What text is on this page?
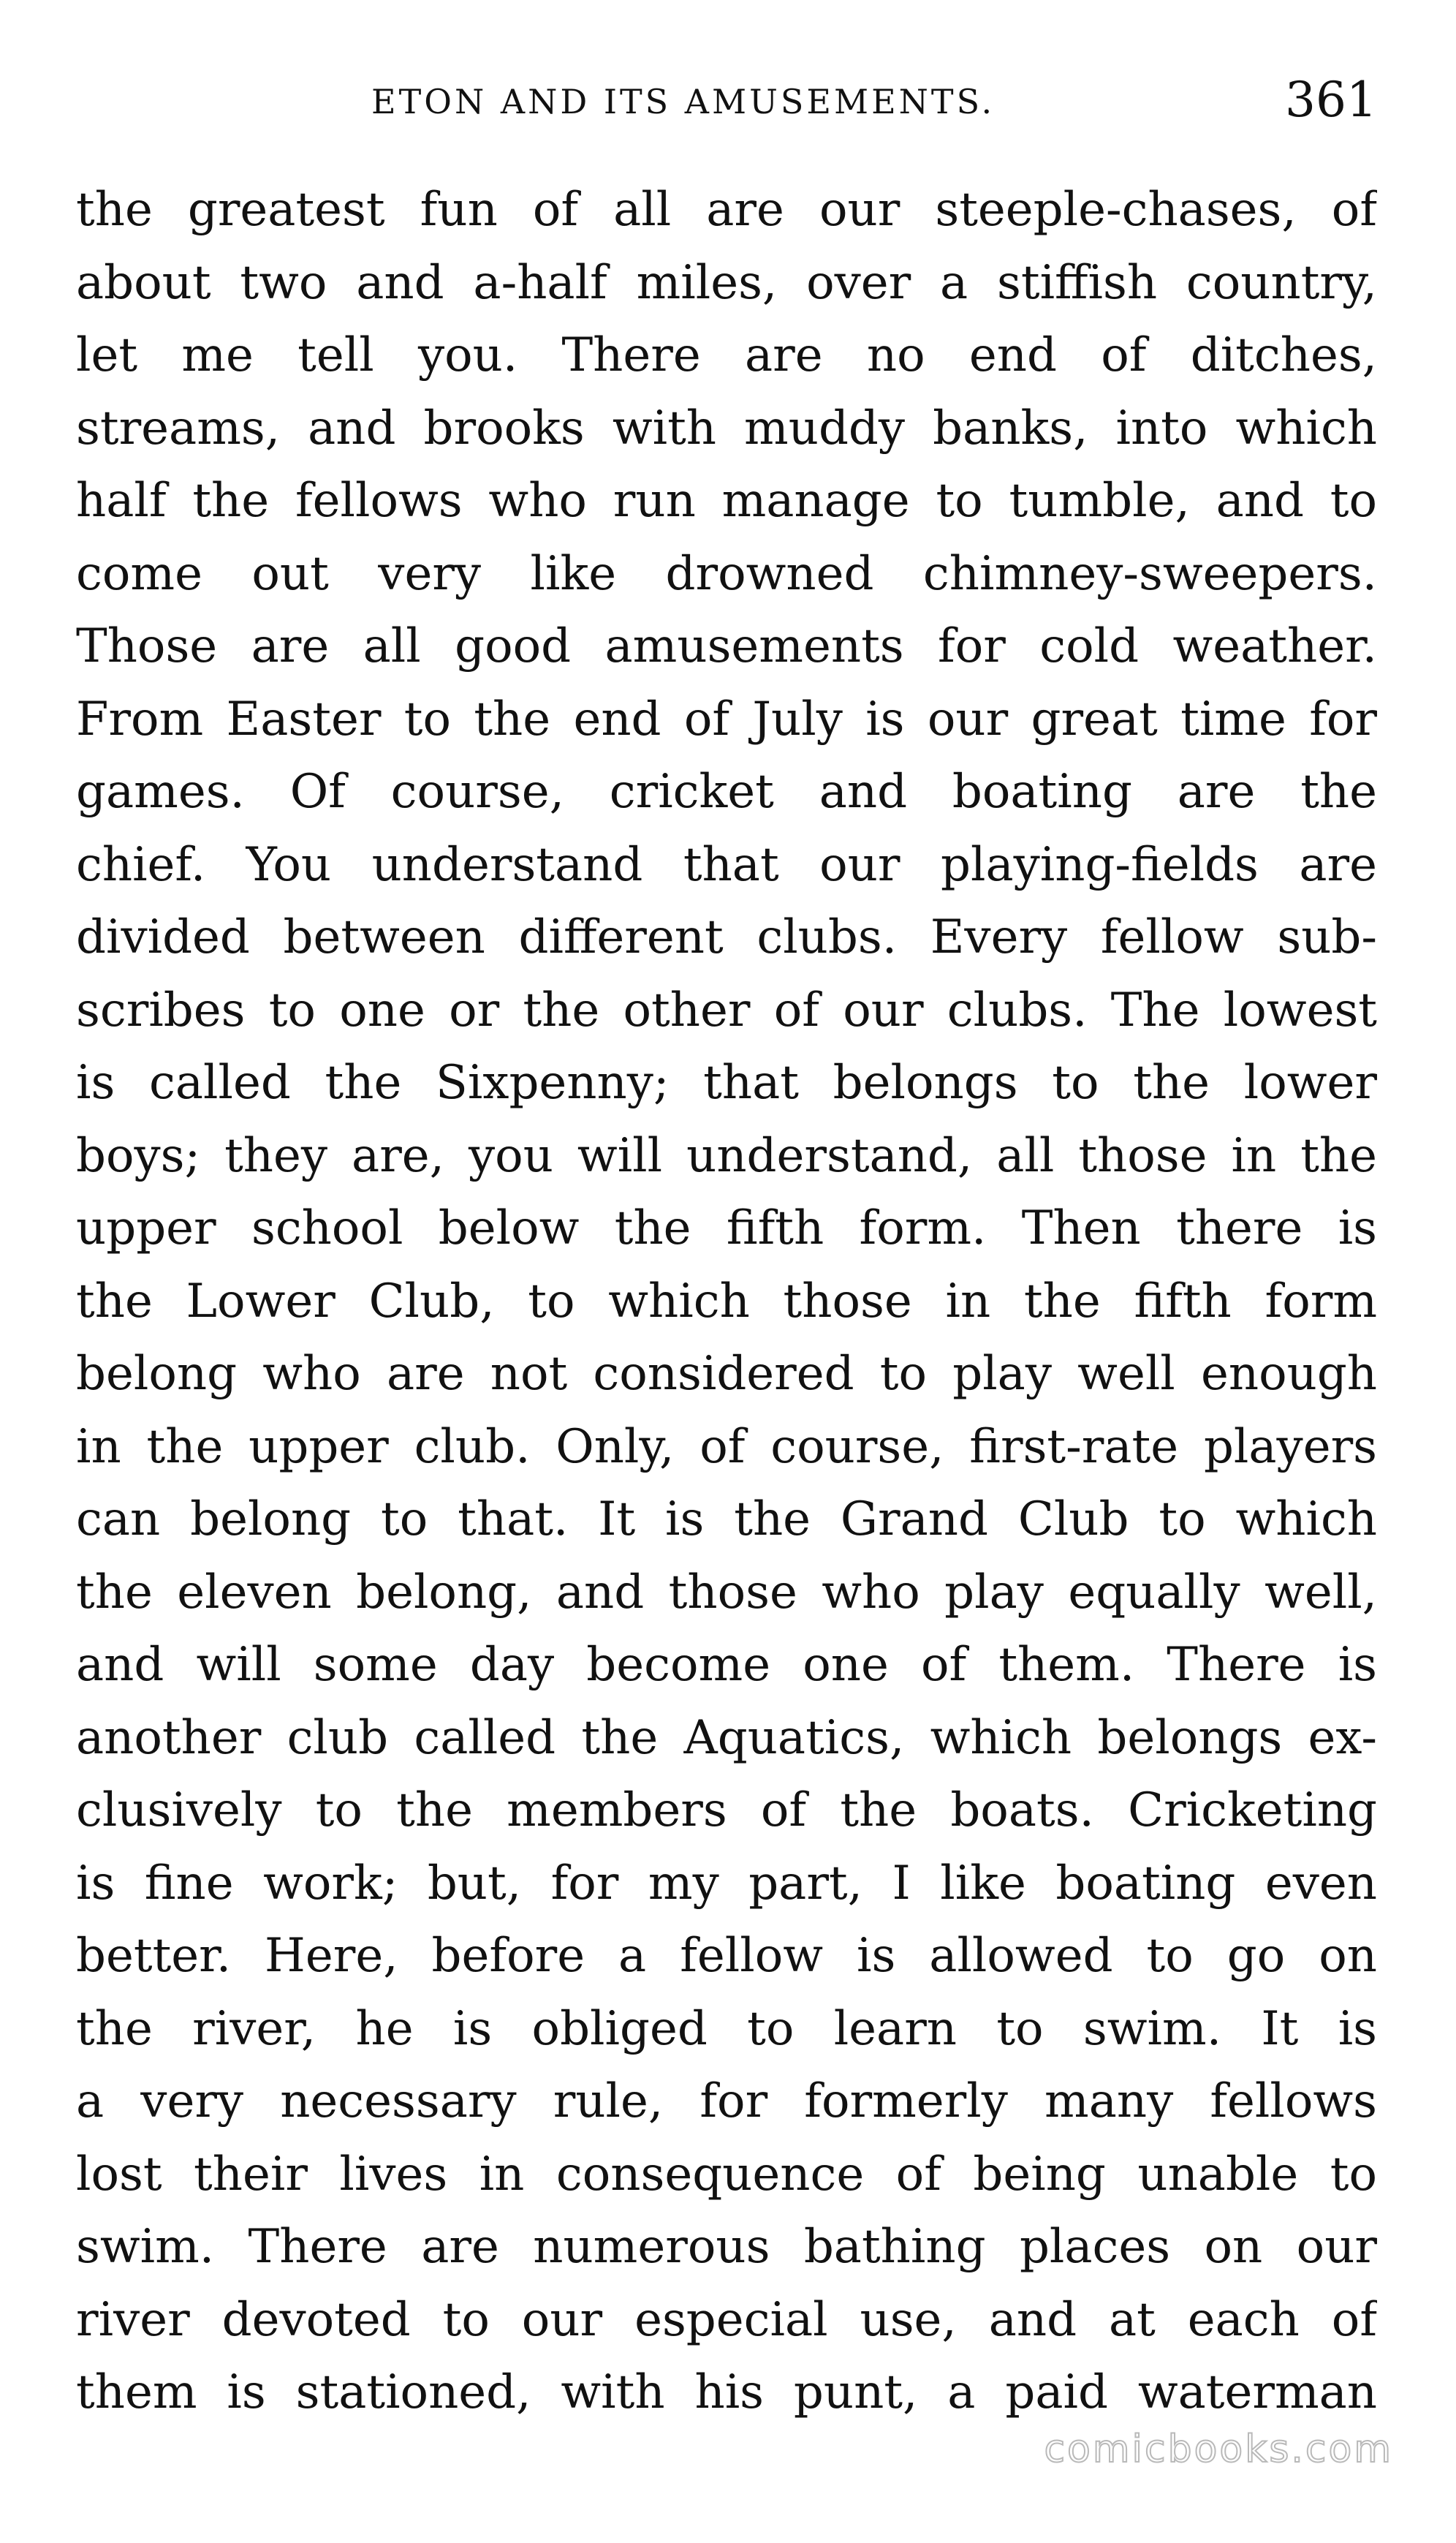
ETON AND ITS AMUSEMENTS.	361
the greatest fun of all are our steeple-chases, of
about two and a-half miles, over a stiffish country,
let me tell you. There are no end of ditches,
streams, and brooks with muddy banks, into which
half the fellows who run manage to tumble, and to
come out very like drowned chimney-sweepers.
Those are all good amusements for cold weather.
From Easter to the end of July is our great time for
games. Of course, cricket and boating are the
chief. You understand that our playing-fields are
divided between different clubs. Every fellow sub-
scribes to one or the other of our clubs. The lowest
is called the Sixpenny; that belongs to the lower
boys; they are, you will understand, all those in the
upper school below the fifth form. Then there is
the Lower Club, to which those in the fifth form
belong who are not considered to play well enough
in the upper club. Only, of course, first-rate players
can belong to that. It is the Grand Club to which
the eleven belong, and those who play equally well,
and will some day become one of them. There is
another club called the Aquatics, which belongs ex-
clusively to the members of the boats. Cricketing
is fine work; but, for my part, I like boating even
better. Here, before a fellow is allowed to go on
the river, he is obliged to learn to swim. It is
a very necessary rule, for formerly many fellows
lost their lives in consequence of being unable to
swim. There are numerous bathing places on our
river devoted to our especial use, and at each of
them is stationed, with his punt, a paid waterman
comicbooks.com
